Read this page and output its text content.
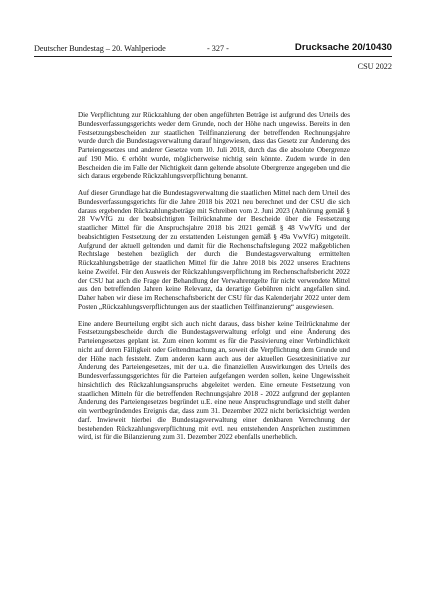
Deutscher Bundestag – 20. Wahlperiode	- 327 -	Drucksache 20/10430
CSU 2022

Die Verpflichtung zur Rückzahlung der oben angeführten Beträge ist aufgrund des Urteils des Bundesverfassungsgerichts weder dem Grunde, noch der Höhe nach ungewiss. Bereits in den Festsetzungsbescheiden zur staatlichen Teilfinanzierung der betreffenden Rechnungsjahre wurde durch die Bundestagsverwaltung darauf hingewiesen, dass das Gesetz zur Änderung des Parteiengesetzes und anderer Gesetze vom 10. Juli 2018, durch das die absolute Obergrenze auf 190 Mio. € erhöht wurde, möglicherweise nichtig sein könnte. Zudem wurde in den Bescheiden die im Falle der Nichtigkeit dann geltende absolute Obergrenze angegeben und die sich daraus ergebende Rückzahlungsverpflichtung benannt.

Auf dieser Grundlage hat die Bundestagsverwaltung die staatlichen Mittel nach dem Urteil des Bundesverfassungsgerichts für die Jahre 2018 bis 2021 neu berechnet und der CSU die sich daraus ergebenden Rückzahlungsbeträge mit Schreiben vom 2. Juni 2023 (Anhörung gemäß § 28 VwVfG zu der beabsichtigten Teilrücknahme der Bescheide über die Festsetzung staatlicher Mittel für die Anspruchsjahre 2018 bis 2021 gemäß § 48 VwVfG und der beabsichtigten Festsetzung der zu erstattenden Leistungen gemäß § 49a VwVfG) mitgeteilt. Aufgrund der aktuell geltenden und damit für die Rechenschaftslegung 2022 maßgeblichen Rechtslage bestehen bezüglich der durch die Bundestagsverwaltung ermittelten Rückzahlungsbeträge der staatlichen Mittel für die Jahre 2018 bis 2022 unseres Erachtens keine Zweifel. Für den Ausweis der Rückzahlungsverpflichtung im Rechenschaftsbericht 2022 der CSU hat auch die Frage der Behandlung der Verwahrentgelte für nicht verwendete Mittel aus den betreffenden Jahren keine Relevanz, da derartige Gebühren nicht angefallen sind. Daher haben wir diese im Rechenschaftsbericht der CSU für das Kalenderjahr 2022 unter dem Posten „Rückzahlungsverpflichtungen aus der staatlichen Teilfinanzierung“ ausgewiesen.

Eine andere Beurteilung ergibt sich auch nicht daraus, dass bisher keine Teilrücknahme der Festsetzungsbescheide durch die Bundestagsverwaltung erfolgt und eine Änderung des Parteiengesetzes geplant ist. Zum einen kommt es für die Passivierung einer Verbindlichkeit nicht auf deren Fälligkeit oder Geltendmachung an, soweit die Verpflichtung dem Grunde und der Höhe nach feststeht. Zum anderen kann auch aus der aktuellen Gesetzesinitiative zur Änderung des Parteiengesetzes, mit der u.a. die finanziellen Auswirkungen des Urteils des Bundesverfassungsgerichtes für die Parteien aufgefangen werden sollen, keine Ungewissheit hinsichtlich des Rückzahlungsanspruchs abgeleitet werden. Eine erneute Festsetzung von staatlichen Mitteln für die betreffenden Rechnungsjahre 2018 - 2022 aufgrund der geplanten Änderung des Parteiengesetzes begründet u.E. eine neue Anspruchsgrundlage und stellt daher ein wertbegründendes Ereignis dar, dass zum 31. Dezember 2022 nicht berücksichtigt werden darf. Inwieweit hierbei die Bundestagsverwaltung einer denkbaren Verrechnung der bestehenden Rückzahlungsverpflichtung mit evtl. neu entstehenden Ansprüchen zustimmen wird, ist für die Bilanzierung zum 31. Dezember 2022 ebenfalls unerheblich.
